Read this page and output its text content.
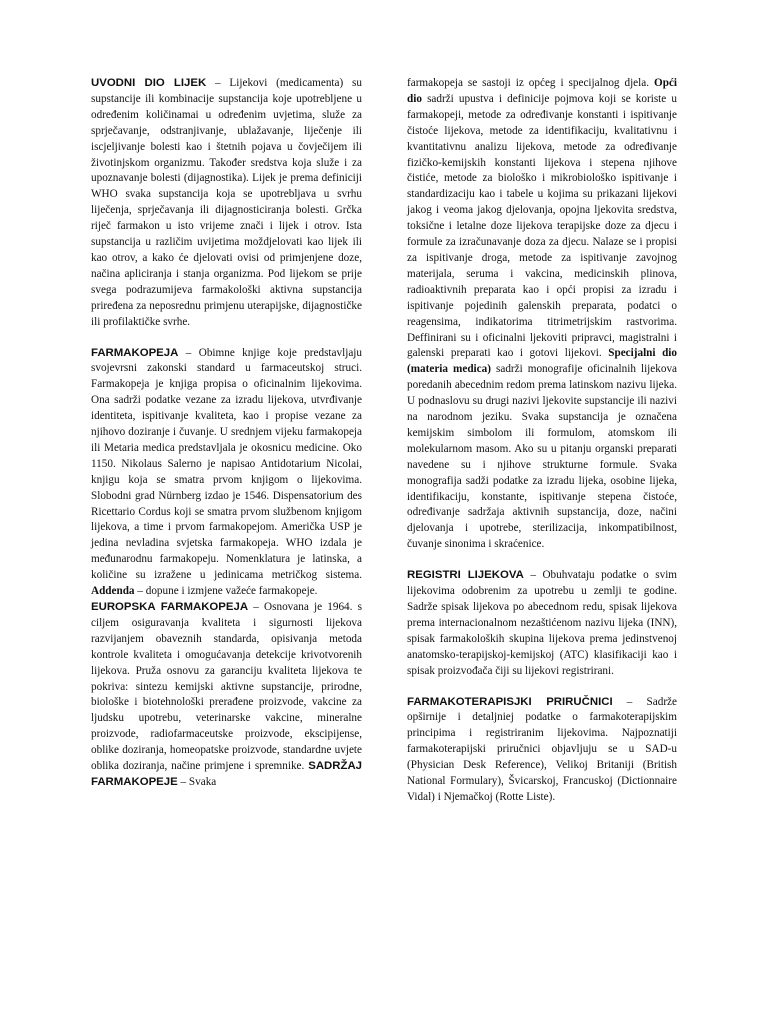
UVODNI DIO LIJEK – Lijekovi (medicamenta) su supstancije ili kombinacije supstancija koje upotrebljene u određenim količinamai u određenim uvjetima, služe za sprječavanje, odstranjivanje, ublažavanje, liječenje ili iscjeljivanje bolesti kao i štetnih pojava u čovječijem ili životinjskom organizmu. Također sredstva koja služe i za upoznavanje bolesti (dijagnostika). Lijek je prema definiciji WHO svaka supstancija koja se upotrebljava u svrhu liječenja, sprječavanja ili dijagnosticiranja bolesti. Grčka riječ farmakon u isto vrijeme znači i lijek i otrov. Ista supstancija u različim uvijetima moždjelovati kao lijek ili kao otrov, a kako će djelovati ovisi od primjenjene doze, načina apliciranja i stanja organizma. Pod lijekom se prije svega podrazumijeva farmakološki aktivna supstancija priređena za neposrednu primjenu uterapijske, dijagnostičke ili profilaktičke svrhe.

FARMAKOPEJA – Obimne knjige koje predstavljaju svojevrsni zakonski standard u farmaceutskoj struci. Farmakopeja je knjiga propisa o oficinalnim lijekovima. Ona sadrži podatke vezane za izradu lijekova, utvrđivanje identiteta, ispitivanje kvaliteta, kao i propise vezane za njihovo doziranje i čuvanje. U srednjem vijeku farmakopeja ili Metaria medica predstavljala je okosnicu medicine. Oko 1150. Nikolaus Salerno je napisao Antidotarium Nicolai, knjigu koja se smatra prvom knjigom o lijekovima. Slobodni grad Nürnberg izdao je 1546. Dispensatorium des Ricettario Cordus koji se smatra prvom službenom knjigom lijekova, a time i prvom farmakopejom. Američka USP je jedina nevladina svjetska farmakopeja. WHO izdala je međunarodnu farmakopeju. Nomenklatura je latinska, a količine su izražene u jedinicama metričkog sistema. Addenda – dopune i izmjene važeće farmakopeje.

EUROPSKA FARMAKOPEJA – Osnovana je 1964. s ciljem osiguravanja kvaliteta i sigurnosti lijekova razvijanjem obaveznih standarda, opisivanja metoda kontrole kvaliteta i omogućavanja detekcije krivotvorenih lijekova. Pruža osnovu za garanciju kvaliteta lijekova te pokriva: sintezu kemijski aktivne supstancije, prirodne, biološke i biotehnološki prerađene proizvode, vakcine za ljudsku upotrebu, veterinarske vakcine, mineralne proizvode, radiofarmaceutske proizvode, ekscipijense, oblike doziranja, homeopatske proizvode, standardne uvjete oblika doziranja, načine primjene i spremnike. SADRŽAJ FARMAKOPEJE – Svaka

farmakopeja se sastoji iz općeg i specijalnog djela. Opći dio sadrži upustva i definicije pojmova koji se koriste u farmakopeji, metode za određivanje konstanti i ispitivanje čistoće lijekova, metode za identifikaciju, kvalitativnu i kvantitativnu analizu lijekova, metode za određivanje fizičko-kemijskih konstanti lijekova i stepena njihove čistiće, metode za biološko i mikrobiološko ispitivanje i standardizaciju kao i tabele u kojima su prikazani lijekovi jakog i veoma jakog djelovanja, opojna ljekovita sredstva, toksične i letalne doze lijekova terapijske doze za djecu i formule za izračunavanje doza za djecu. Nalaze se i propisi za ispitivanje droga, metode za ispitivanje zavojnog materijala, seruma i vakcina, medicinskih plinova, radioaktivnih preparata kao i opći propisi za izradu i ispitivanje pojedinih galenskih preparata, podatci o reagensima, indikatorima titrimetrijskim rastvorima. Deffinirani su i oficinalni ljekoviti pripravci, magistralni i galenski preparati kao i gotovi lijekovi. Specijalni dio (materia medica) sadrži monografije oficinalnih lijekova poredanih abecednim redom prema latinskom nazivu lijeka. U podnaslovu su drugi nazivi ljekovite supstancije ili nazivi na narodnom jeziku. Svaka supstancija je označena kemijskim simbolom ili formulom, atomskom ili molekularnom masom. Ako su u pitanju organski preparati navedene su i njihove strukturne formule. Svaka monografija sadži podatke za izradu lijeka, osobine lijeka, identifikaciju, konstante, ispitivanje stepena čistoće, određivanje sadržaja aktivnih supstancija, doze, načini djelovanja i upotrebe, sterilizacija, inkompatibilnost, čuvanje sinonima i skraćenice.

REGISTRI LIJEKOVA – Obuhvataju podatke o svim lijekovima odobrenim za upotrebu u zemlji te godine. Sadrže spisak lijekova po abecednom redu, spisak lijekova prema internacionalnom nezaštićenom nazivu lijeka (INN), spisak farmakoloških skupina lijekova prema jedinstvenoj anatomsko-terapijskoj-kemijskoj (ATC) klasifikaciji kao i spisak proizvođača čiji su lijekovi registrirani.

FARMAKOTERAPISJKI PRIRUČNICI – Sadrže opširnije i detaljniej podatke o farmakoterapijskim principima i registriranim lijekovima. Najpoznatiji farmakoterapijski priručnici objavljuju se u SAD-u (Physician Desk Reference), Velikoj Britaniji (British National Formulary), Švicarskoj, Francuskoj (Dictionnaire Vidal) i Njemačkoj (Rotte Liste).
